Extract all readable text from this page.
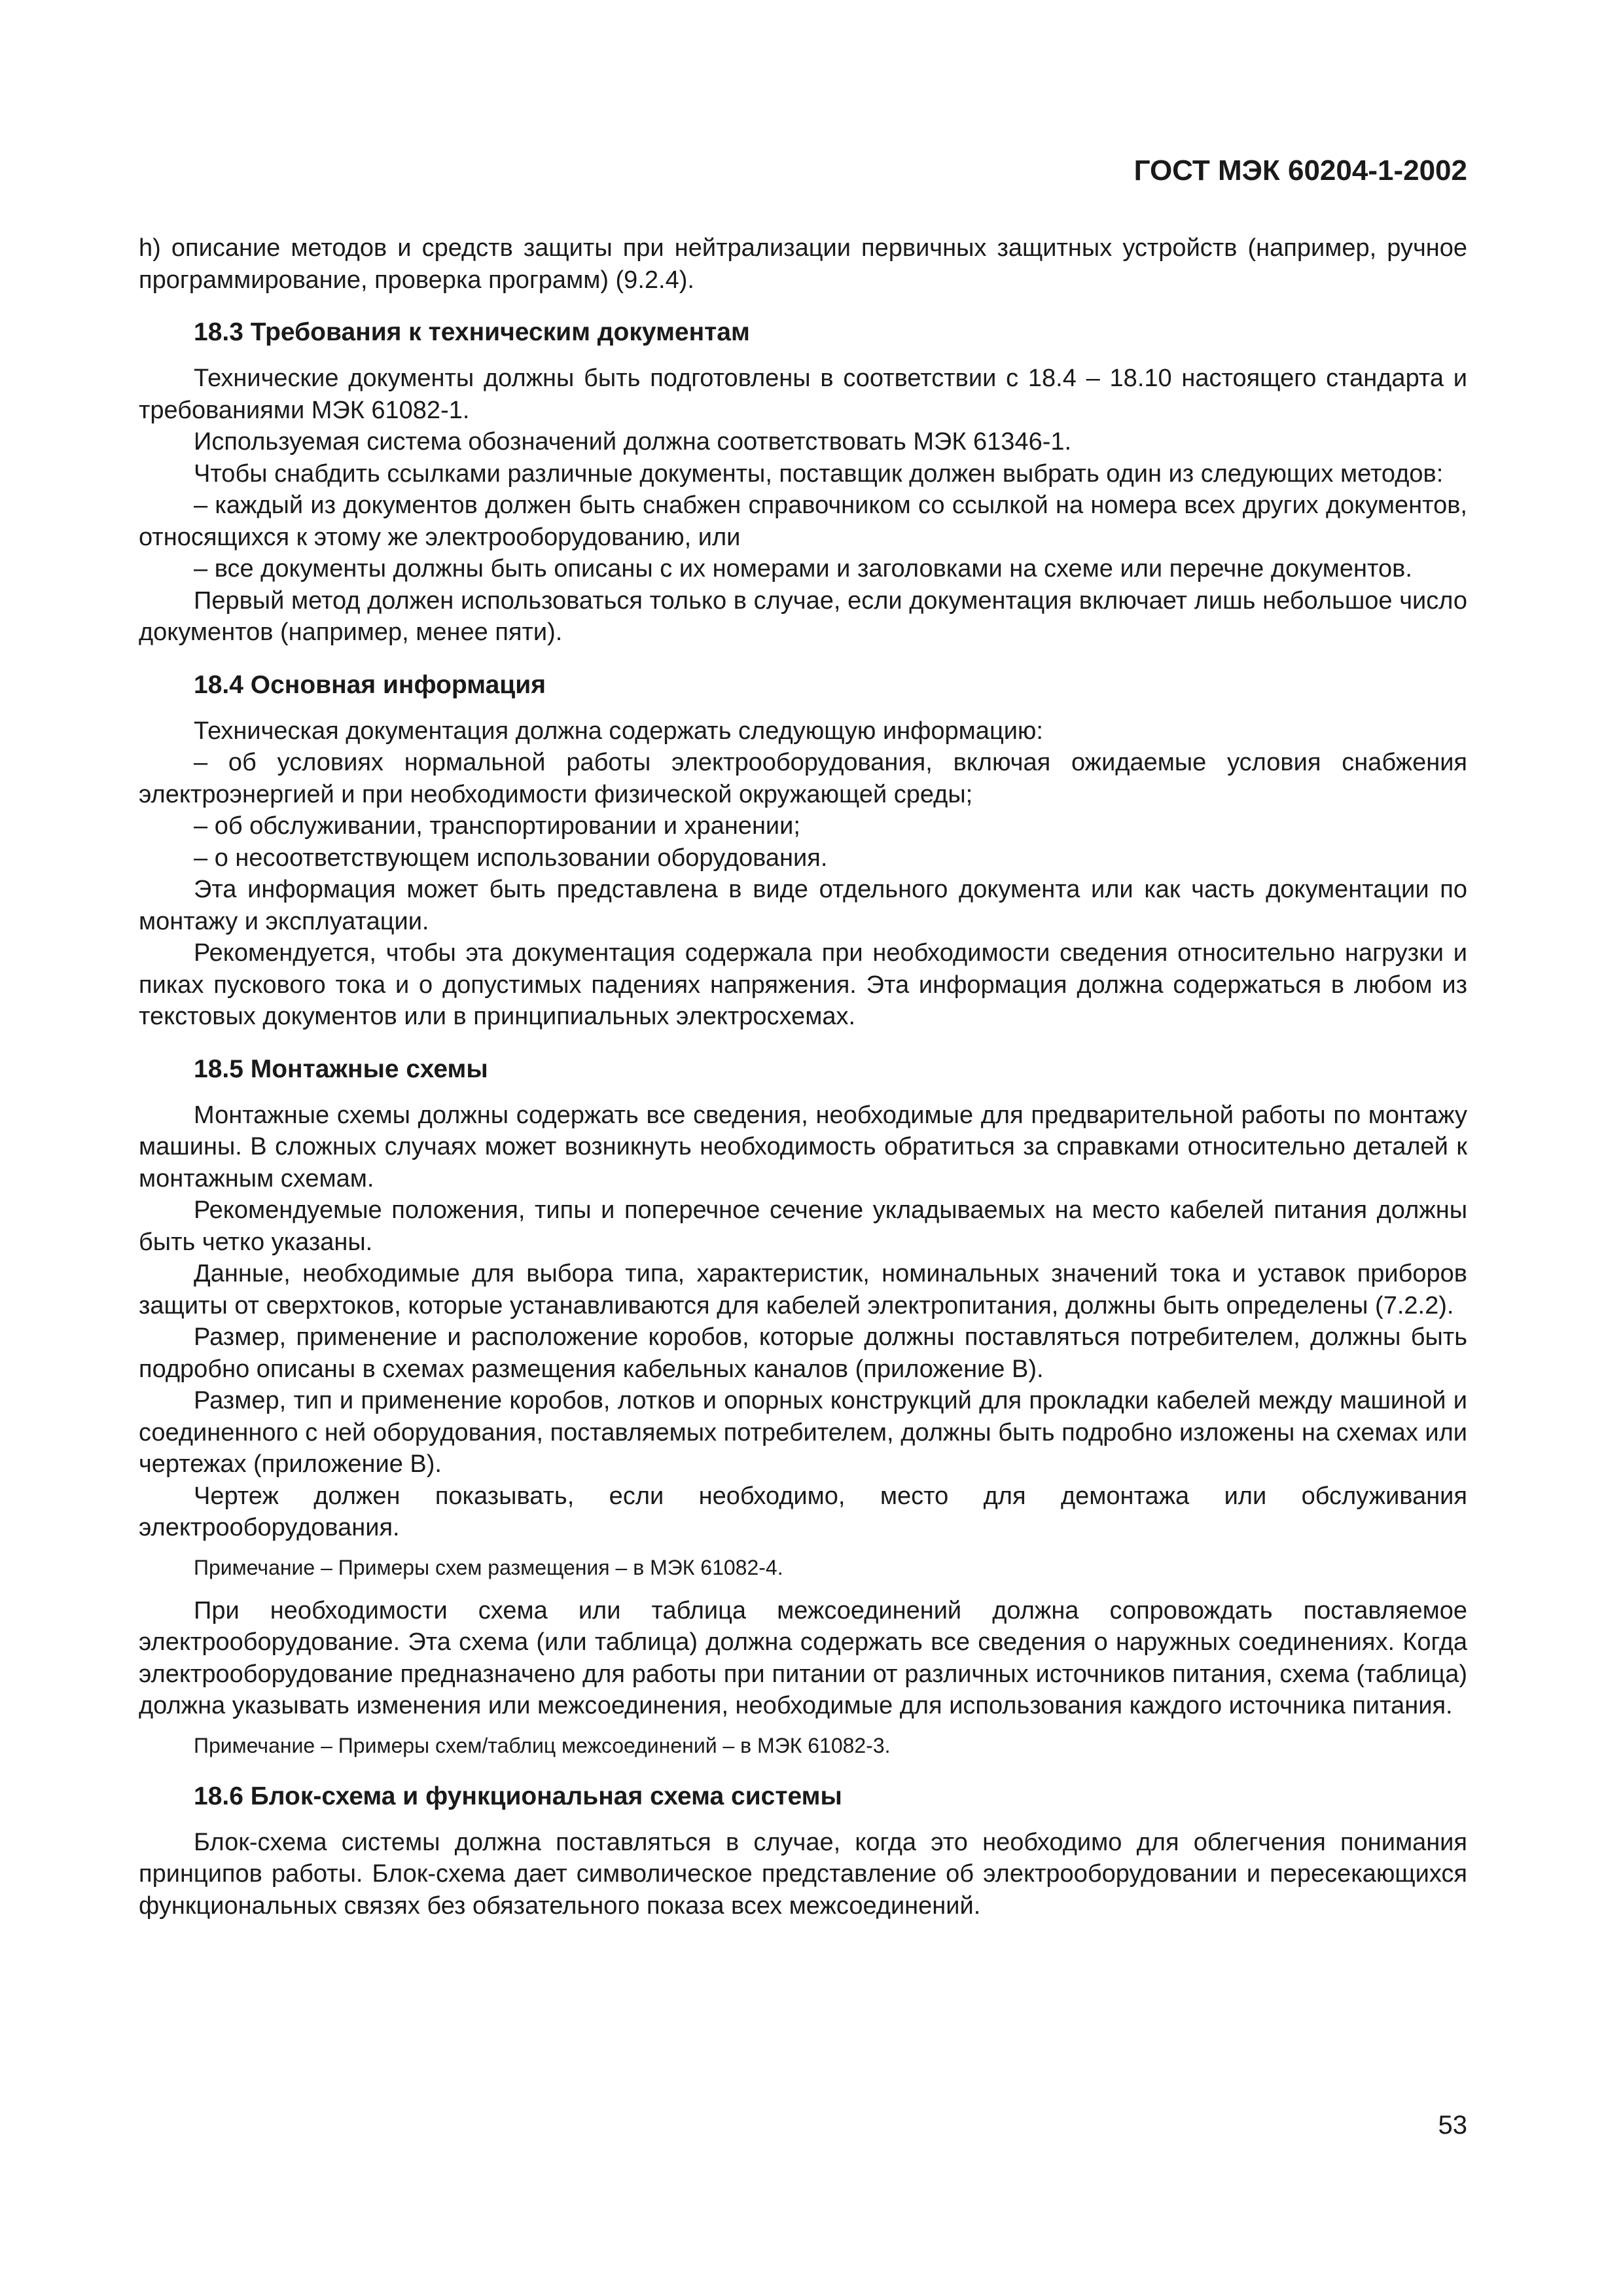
ГОСТ МЭК 60204-1-2002

h) описание методов и средств защиты при нейтрализации первичных защитных устройств (например, ручное программирование, проверка программ) (9.2.4).

18.3 Требования к техническим документам

Технические документы должны быть подготовлены в соответствии с 18.4 – 18.10 настоящего стандарта и требованиями МЭК 61082-1.

Используемая система обозначений должна соответствовать МЭК 61346-1.

Чтобы снабдить ссылками различные документы, поставщик должен выбрать один из следующих методов:

– каждый из документов должен быть снабжен справочником со ссылкой на номера всех других документов, относящихся к этому же электрооборудованию, или

– все документы должны быть описаны с их номерами и заголовками на схеме или перечне документов.

Первый метод должен использоваться только в случае, если документация включает лишь небольшое число документов (например, менее пяти).

18.4 Основная информация

Техническая документация должна содержать следующую информацию:

– об условиях нормальной работы электрооборудования, включая ожидаемые условия снабжения электроэнергией и при необходимости физической окружающей среды;

– об обслуживании, транспортировании и хранении;

– о несоответствующем использовании оборудования.

Эта информация может быть представлена в виде отдельного документа или как часть документации по монтажу и эксплуатации.

Рекомендуется, чтобы эта документация содержала при необходимости сведения относительно нагрузки и пиках пускового тока и о допустимых падениях напряжения. Эта информация должна содержаться в любом из текстовых документов или в принципиальных электросхемах.

18.5 Монтажные схемы

Монтажные схемы должны содержать все сведения, необходимые для предварительной работы по монтажу машины. В сложных случаях может возникнуть необходимость обратиться за справками относительно деталей к монтажным схемам.

Рекомендуемые положения, типы и поперечное сечение укладываемых на место кабелей питания должны быть четко указаны.

Данные, необходимые для выбора типа, характеристик, номинальных значений тока и уставок приборов защиты от сверхтоков, которые устанавливаются для кабелей электропитания, должны быть определены (7.2.2).

Размер, применение и расположение коробов, которые должны поставляться потребителем, должны быть подробно описаны в схемах размещения кабельных каналов (приложение В).

Размер, тип и применение коробов, лотков и опорных конструкций для прокладки кабелей между машиной и соединенного с ней оборудования, поставляемых потребителем, должны быть подробно изложены на схемах или чертежах (приложение В).

Чертеж должен показывать, если необходимо, место для демонтажа или обслуживания электрооборудования.

Примечание – Примеры схем размещения – в МЭК 61082-4.

При необходимости схема или таблица межсоединений должна сопровождать поставляемое электрооборудование. Эта схема (или таблица) должна содержать все сведения о наружных соединениях. Когда электрооборудование предназначено для работы при питании от различных источников питания, схема (таблица) должна указывать изменения или межсоединения, необходимые для использования каждого источника питания.

Примечание – Примеры схем/таблиц межсоединений – в МЭК 61082-3.

18.6 Блок-схема и функциональная схема системы

Блок-схема системы должна поставляться в случае, когда это необходимо для облегчения понимания принципов работы. Блок-схема дает символическое представление об электрооборудовании и пересекающихся функциональных связях без обязательного показа всех межсоединений.

53
